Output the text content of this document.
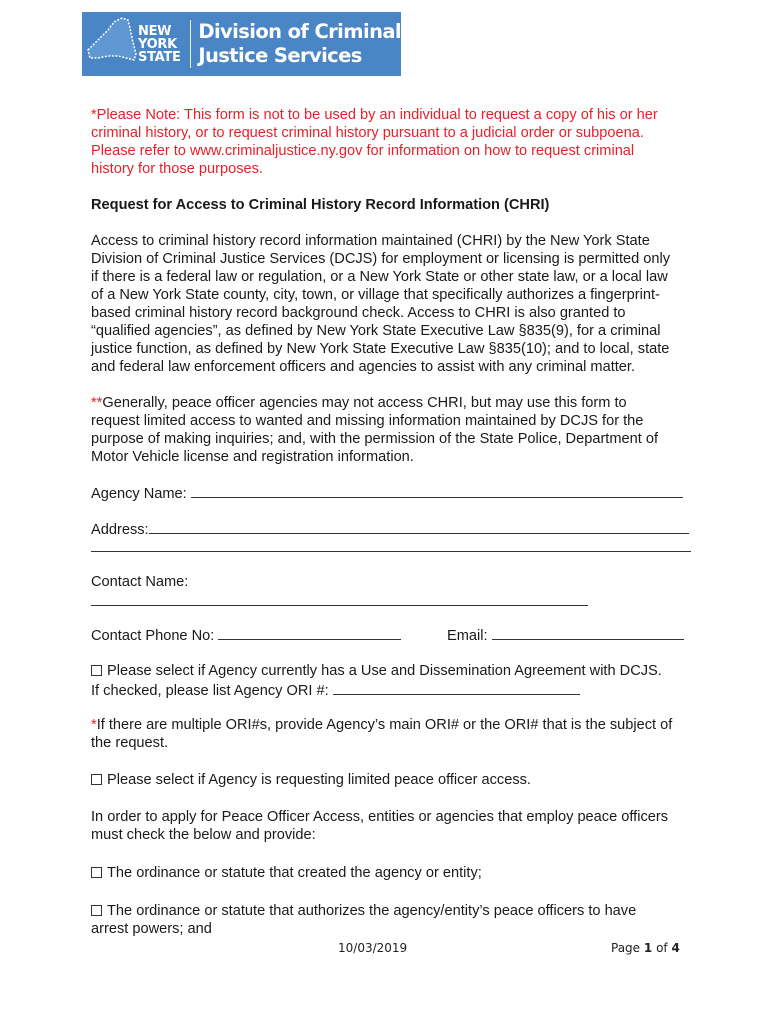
NEW
YORK
STATE
Division of Criminal
Justice Services
*Please Note: This form is not to be used by an individual to request a copy of his or her
criminal history, or to request criminal history pursuant to a judicial order or subpoena.
Please refer to www.criminaljustice.ny.gov for information on how to request criminal
history for those purposes.
Request for Access to Criminal History Record Information (CHRI)
Access to criminal history record information maintained (CHRI) by the New York State
Division of Criminal Justice Services (DCJS) for employment or licensing is permitted only
if there is a federal law or regulation, or a New York State or other state law, or a local law
of a New York State county, city, town, or village that specifically authorizes a fingerprint-
based criminal history record background check. Access to CHRI is also granted to
“qualified agencies”, as defined by New York State Executive Law §835(9), for a criminal
justice function, as defined by New York State Executive Law §835(10); and to local, state
and federal law enforcement officers and agencies to assist with any criminal matter.
**Generally, peace officer agencies may not access CHRI, but may use this form to
request limited access to wanted and missing information maintained by DCJS for the
purpose of making inquiries; and, with the permission of the State Police, Department of
Motor Vehicle license and registration information.
Agency Name:
Address:
Contact Name:
Contact Phone No:	Email:
Please select if Agency currently has a Use and Dissemination Agreement with DCJS.
If checked, please list Agency ORI #:
*If there are multiple ORI#s, provide Agency’s main ORI# or the ORI# that is the subject of
the request.
Please select if Agency is requesting limited peace officer access.
In order to apply for Peace Officer Access, entities or agencies that employ peace officers
must check the below and provide:
The ordinance or statute that created the agency or entity;
The ordinance or statute that authorizes the agency/entity’s peace officers to have
arrest powers; and
10/03/2019	Page 1 of 4
